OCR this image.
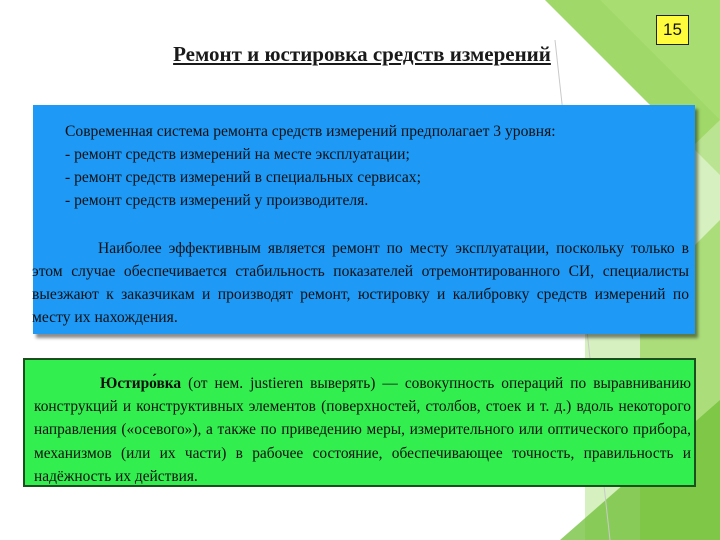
15
Ремонт и юстировка средств измерений
Современная система ремонта средств измерений предполагает 3 уровня:
- ремонт средств измерений на месте эксплуатации;
- ремонт средств измерений в специальных сервисах;
- ремонт средств измерений у производителя.
Наиболее эффективным является ремонт по месту эксплуатации, поскольку только в этом случае обеспечивается стабильность показателей отремонтированного СИ, специалисты выезжают к заказчикам и производят ремонт, юстировку и калибровку средств измерений по месту их нахождения.
Юстиро́вка (от нем. justieren выверять) — совокупность операций по выравниванию конструкций и конструктивных элементов (поверхностей, столбов, стоек и т. д.) вдоль некоторого направления («осевого»), а также по приведению меры, измерительного или оптического прибора, механизмов (или их части) в рабочее состояние, обеспечивающее точность, правильность и надёжность их действия.
